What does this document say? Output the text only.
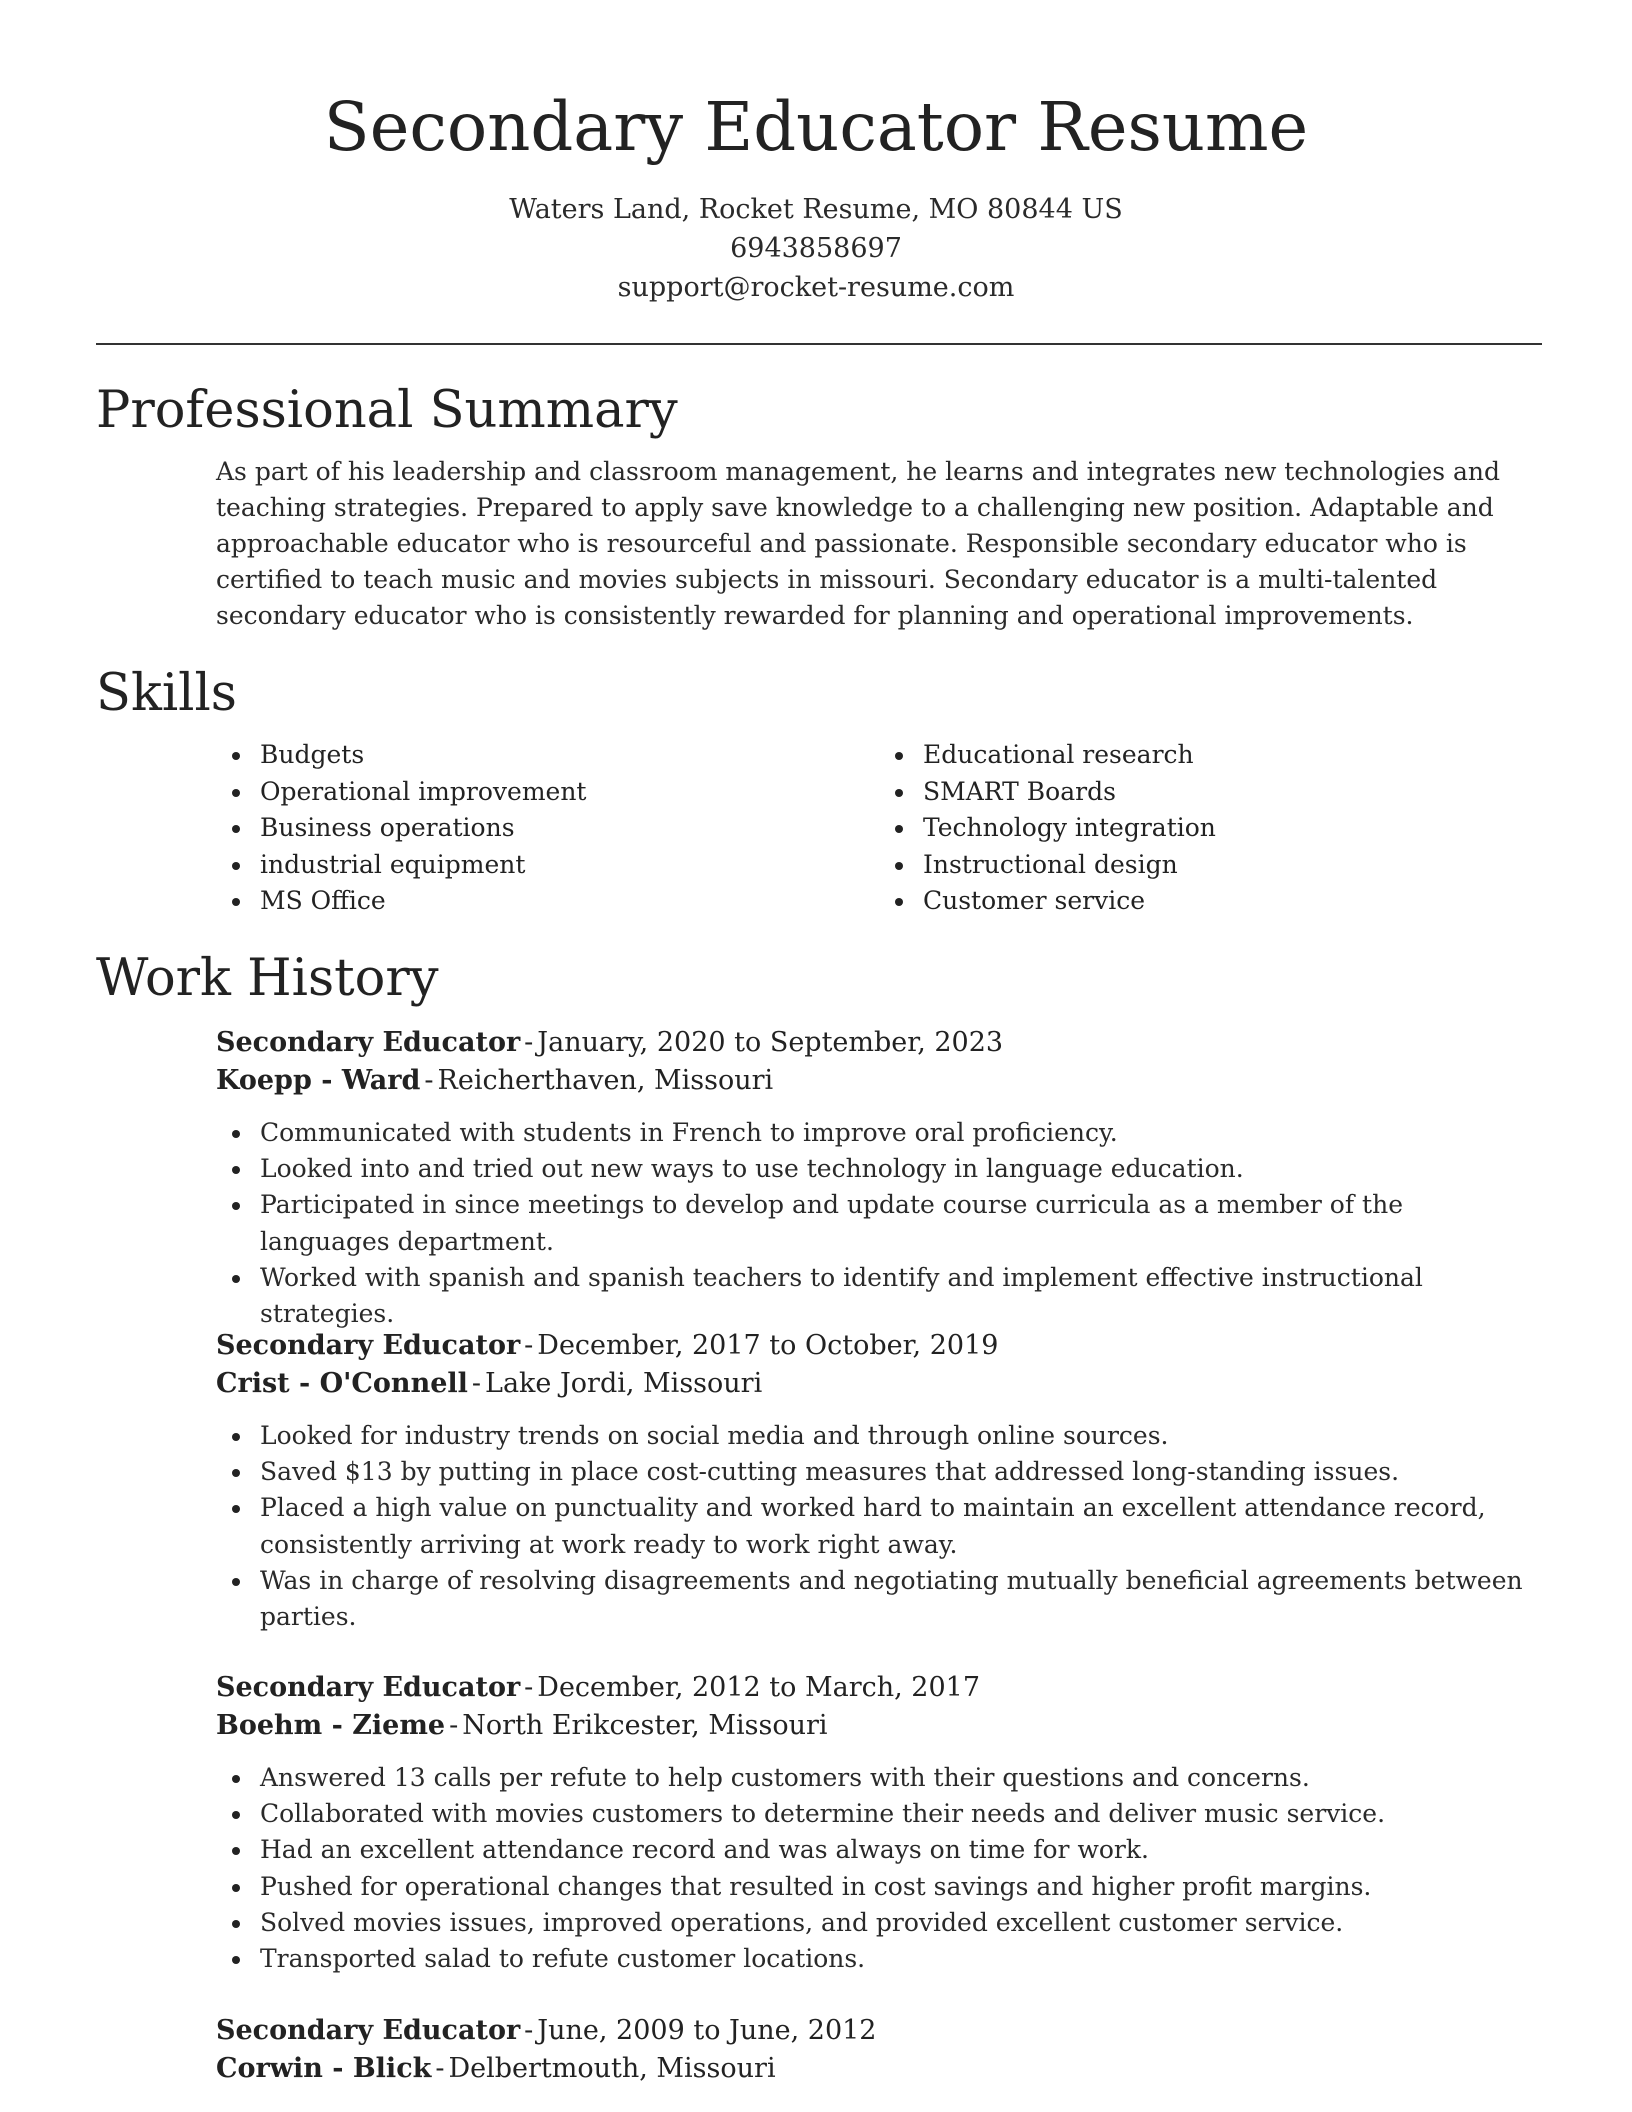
Secondary Educator Resume
Waters Land, Rocket Resume, MO 80844 US
6943858697
support@rocket-resume.com
Professional Summary

As part of his leadership and classroom management, he learns and integrates new technologies and teaching strategies. Prepared to apply save knowledge to a challenging new position. Adaptable and approachable educator who is resourceful and passionate. Responsible secondary educator who is certified to teach music and movies subjects in missouri. Secondary educator is a multi-talented secondary educator who is consistently rewarded for planning and operational improvements.

Skills
Budgets
Operational improvement
Business operations
industrial equipment
MS Office
Educational research
SMART Boards
Technology integration
Instructional design
Customer service
Work History
Secondary Educator - January, 2020 to September, 2023
Koepp - Ward - Reicherthaven, Missouri
Communicated with students in French to improve oral proficiency.
Looked into and tried out new ways to use technology in language education.
Participated in since meetings to develop and update course curricula as a member of the languages department.
Worked with spanish and spanish teachers to identify and implement effective instructional strategies.
Secondary Educator - December, 2017 to October, 2019
Crist - O'Connell - Lake Jordi, Missouri
Looked for industry trends on social media and through online sources.
Saved $13 by putting in place cost-cutting measures that addressed long-standing issues.
Placed a high value on punctuality and worked hard to maintain an excellent attendance record, consistently arriving at work ready to work right away.
Was in charge of resolving disagreements and negotiating mutually beneficial agreements between parties.
Secondary Educator - December, 2012 to March, 2017
Boehm - Zieme - North Erikcester, Missouri
Answered 13 calls per refute to help customers with their questions and concerns.
Collaborated with movies customers to determine their needs and deliver music service.
Had an excellent attendance record and was always on time for work.
Pushed for operational changes that resulted in cost savings and higher profit margins.
Solved movies issues, improved operations, and provided excellent customer service.
Transported salad to refute customer locations.
Secondary Educator - June, 2009 to June, 2012
Corwin - Blick - Delbertmouth, Missouri
